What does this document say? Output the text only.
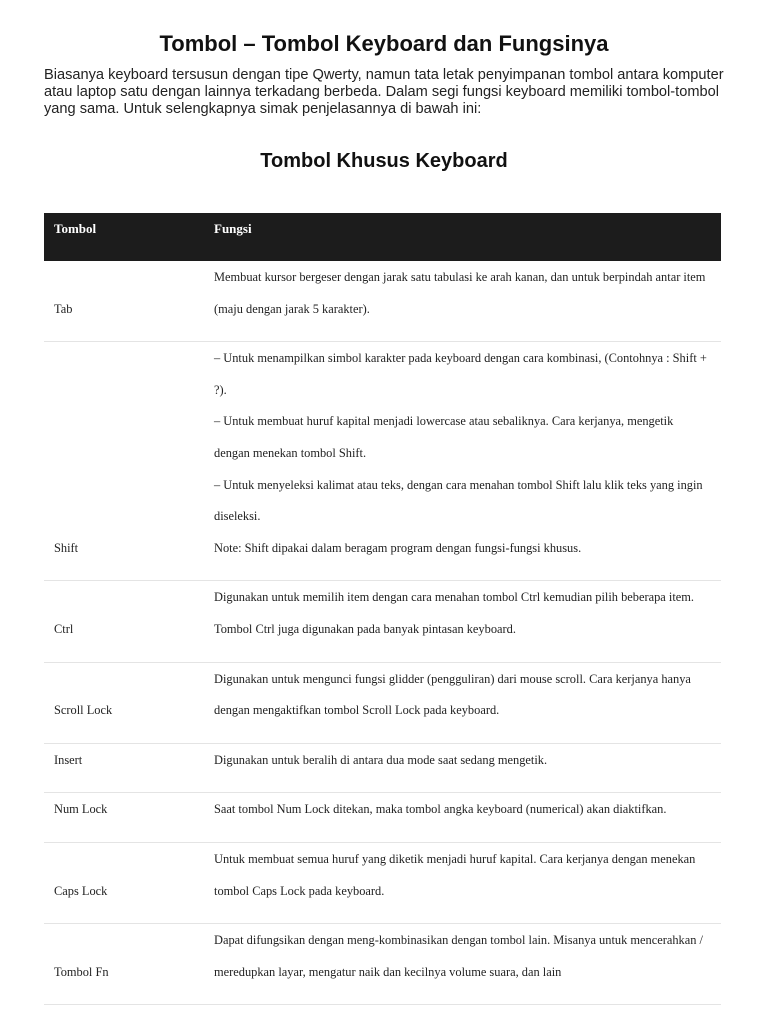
Tombol – Tombol Keyboard dan Fungsinya

Biasanya keyboard tersusun dengan tipe Qwerty, namun tata letak penyimpanan tombol antara komputer atau laptop satu dengan lainnya terkadang berbeda. Dalam segi fungsi keyboard memiliki tombol-tombol yang sama. Untuk selengkapnya simak penjelasannya di bawah ini:

Tombol Khusus Keyboard
Tombol	Fungsi
Tab	Membuat kursor bergeser dengan jarak satu tabulasi ke arah kanan, dan untuk berpindah antar item (maju dengan jarak 5 karakter).

Shift	– Untuk menampilkan simbol karakter pada keyboard dengan cara kombinasi, (Contohnya : Shift + ?).
– Untuk membuat huruf kapital menjadi lowercase atau sebaliknya. Cara kerjanya, mengetik dengan menekan tombol Shift.
– Untuk menyeleksi kalimat atau teks, dengan cara menahan tombol Shift lalu klik teks yang ingin diseleksi.
Note: Shift dipakai dalam beragam program dengan fungsi-fungsi khusus.

Ctrl	Digunakan untuk memilih item dengan cara menahan tombol Ctrl kemudian pilih beberapa item. Tombol Ctrl juga digunakan pada banyak pintasan keyboard.

Scroll Lock	Digunakan untuk mengunci fungsi glidder (pengguliran) dari mouse scroll. Cara kerjanya hanya dengan mengaktifkan tombol Scroll Lock pada keyboard.

Insert	Digunakan untuk beralih di antara dua mode saat sedang mengetik.

Num Lock	Saat tombol Num Lock ditekan, maka tombol angka keyboard (numerical) akan diaktifkan.

Caps Lock	Untuk membuat semua huruf yang diketik menjadi huruf kapital. Cara kerjanya dengan menekan tombol Caps Lock pada keyboard.

Tombol Fn	Dapat difungsikan dengan meng-kombinasikan dengan tombol lain. Misanya untuk mencerahkan / meredupkan layar, mengatur naik dan kecilnya volume suara, dan lain
